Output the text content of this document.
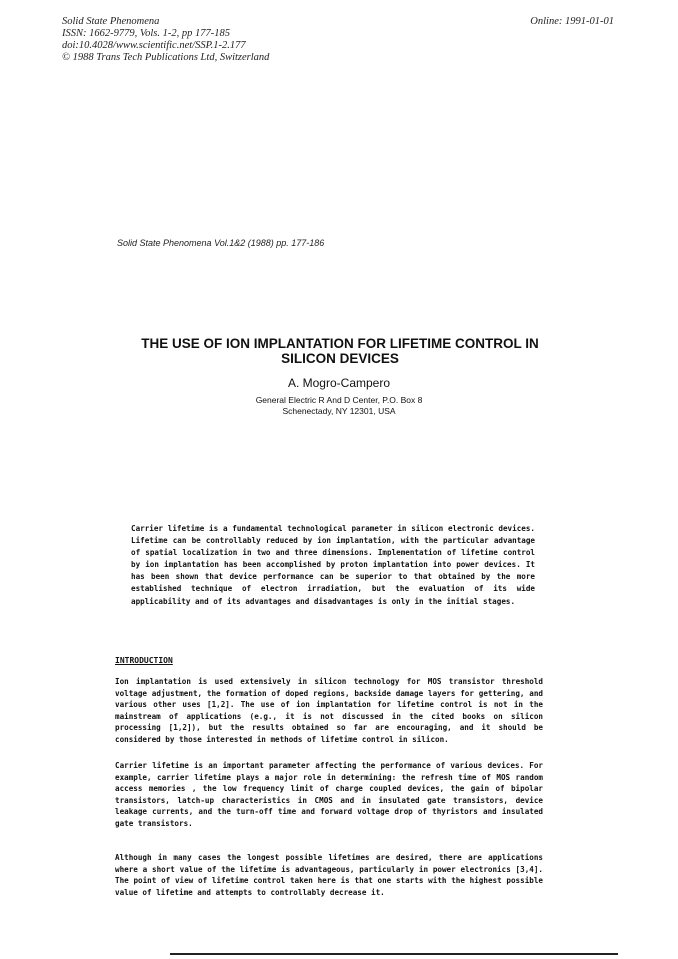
Solid State Phenomena
ISSN: 1662-9779, Vols. 1-2, pp 177-185
doi:10.4028/www.scientific.net/SSP.1-2.177
© 1988 Trans Tech Publications Ltd, Switzerland
Online: 1991-01-01
Solid State Phenomena Vol.1&2 (1988) pp. 177-186
THE USE OF ION IMPLANTATION FOR LIFETIME CONTROL IN
SILICON DEVICES
A. Mogro-Campero
General Electric R And D Center, P.O. Box 8
Schenectady, NY 12301, USA
Carrier lifetime is a fundamental technological parameter in silicon electronic devices. Lifetime can be controllably reduced by ion implantation, with the particular advantage of spatial localization in two and three dimensions. Implementation of lifetime control by ion implantation has been accomplished by proton implantation into power devices. It has been shown that device performance can be superior to that obtained by the more established technique of electron irradiation, but the evaluation of its wide applicability and of its advantages and disadvantages is only in the initial stages.
INTRODUCTION

Ion implantation is used extensively in silicon technology for MOS transistor threshold voltage adjustment, the formation of doped regions, backside damage layers for gettering, and various other uses [1,2]. The use of ion implantation for lifetime control is not in the mainstream of applications (e.g., it is not discussed in the cited books on silicon processing [1,2]), but the results obtained so far are encouraging, and it should be considered by those interested in methods of lifetime control in silicon.

Carrier lifetime is an important parameter affecting the performance of various devices. For example, carrier lifetime plays a major role in determining: the refresh time of MOS random access memories , the low frequency limit of charge coupled devices, the gain of bipolar transistors, latch-up characteristics in CMOS and in insulated gate transistors, device leakage currents, and the turn-off time and forward voltage drop of thyristors and insulated gate transistors.

Although in many cases the longest possible lifetimes are desired, there are applications where a short value of the lifetime is advantageous, particularly in power electronics [3,4]. The point of view of lifetime control taken here is that one starts with the highest possible value of lifetime and attempts to controllably decrease it.
